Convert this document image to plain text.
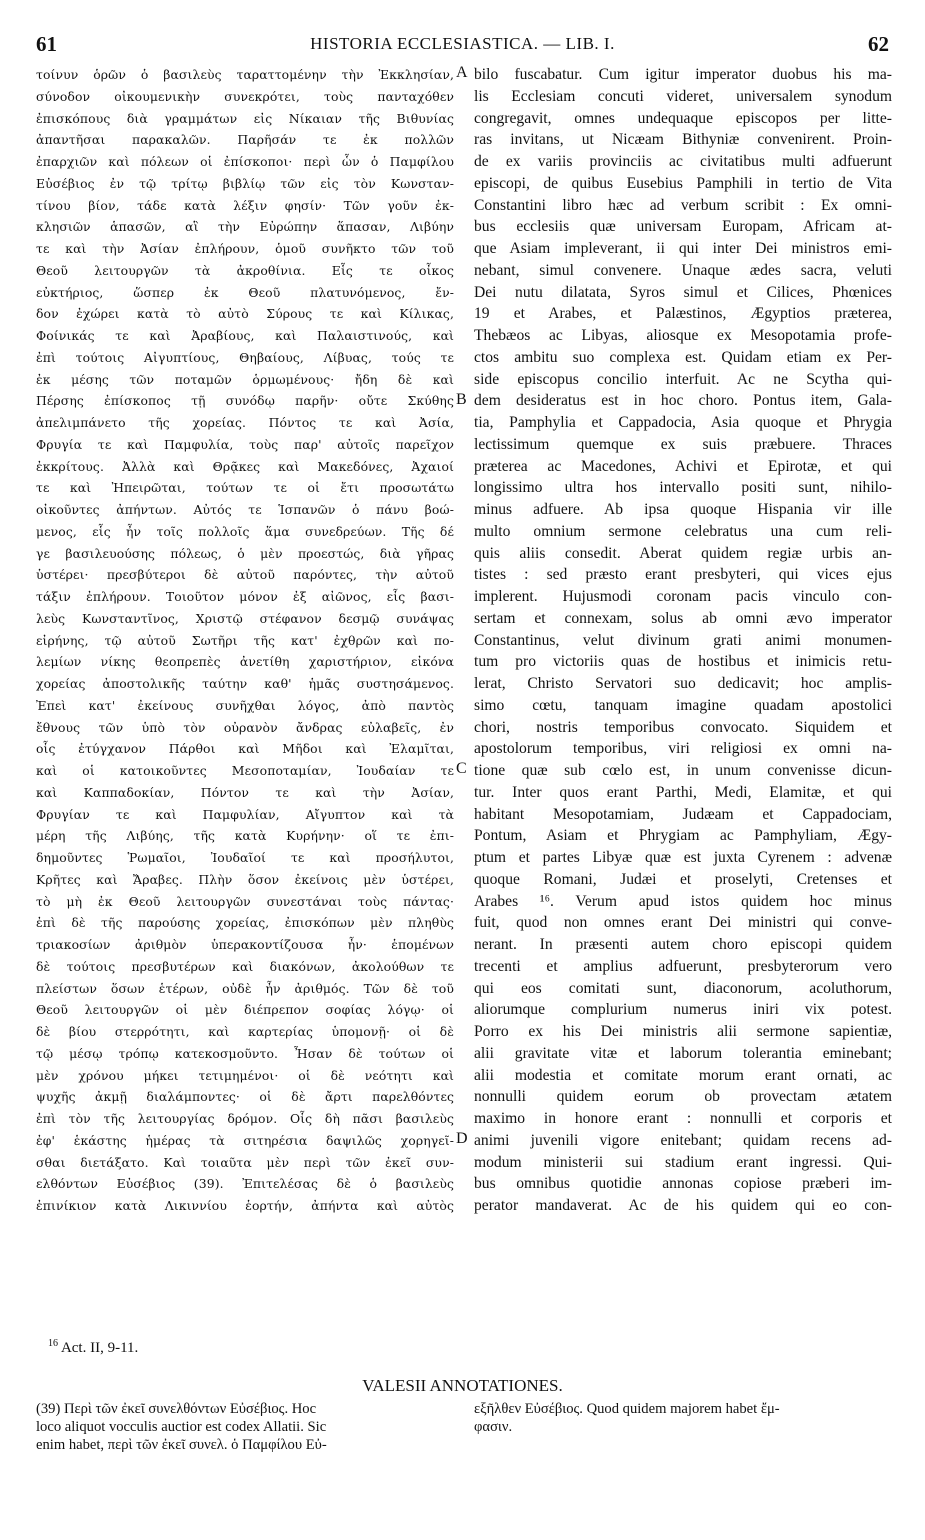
61	HISTORIA ECCLESIASTICA. — LIB. I.	62
τοίνυν ὁρῶν ὁ βασιλεὺς ταραττομένην τὴν Ἐκκλησίαν,
σύνοδον οἰκουμενικὴν συνεκρότει, τοὺς πανταχόθεν
ἐπισκόπους διὰ γραμμάτων εἰς Νίκαιαν τῆς Βιθυνίας
ἀπαντῆσαι παρακαλῶν. Παρῆσάν τε ἐκ πολλῶν
ἐπαρχιῶν καὶ πόλεων οἱ ἐπίσκοποι· περὶ ὧν ὁ Παμφίλου
Εὐσέβιος ἐν τῷ τρίτῳ βιβλίῳ τῶν εἰς τὸν Κωνσταν-
τίνου βίον, τάδε κατὰ λέξιν φησίν· Τῶν γοῦν ἐκ-
κλησιῶν ἁπασῶν, αἳ τὴν Εὐρώπην ἅπασαν, Λιβύην
τε καὶ τὴν Ἀσίαν ἐπλήρουν, ὁμοῦ συνῆκτο τῶν τοῦ
Θεοῦ λειτουργῶν τὰ ἀκροθίνια. Εἷς τε οἶκος
εὐκτήριος, ὥσπερ ἐκ Θεοῦ πλατυνόμενος, ἔν-
δον ἐχώρει κατὰ τὸ αὐτὸ Σύρους τε καὶ Κίλικας,
Φοίνικάς τε καὶ Ἀραβίους, καὶ Παλαιστινούς, καὶ
ἐπὶ τούτοις Αἰγυπτίους, Θηβαίους, Λίβυας, τούς τε
ἐκ μέσης τῶν ποταμῶν ὁρμωμένους· ἤδη δὲ καὶ
Πέρσης ἐπίσκοπος τῇ συνόδῳ παρῆν· οὔτε Σκύθης
ἀπελιμπάνετο τῆς χορείας. Πόντος τε καὶ Ἀσία,
Φρυγία τε καὶ Παμφυλία, τοὺς παρ' αὐτοῖς παρεῖχον
ἐκκρίτους. Ἀλλὰ καὶ Θρᾷκες καὶ Μακεδόνες, Ἀχαιοί
τε καὶ Ἠπειρῶται, τούτων τε οἱ ἔτι προσωτάτω
οἰκοῦντες ἀπήντων. Αὐτός τε Ἱσπανῶν ὁ πάνυ βοώ-
μενος, εἷς ἦν τοῖς πολλοῖς ἅμα συνεδρεύων. Τῆς δέ
γε βασιλευούσης πόλεως, ὁ μὲν προεστώς, διὰ γῆρας
ὑστέρει· πρεσβύτεροι δὲ αὐτοῦ παρόντες, τὴν αὐτοῦ
τάξιν ἐπλήρουν. Τοιοῦτον μόνον ἐξ αἰῶνος, εἷς βασι-
λεὺς Κωνσταντῖνος, Χριστῷ στέφανον δεσμῷ συνάψας
εἰρήνης, τῷ αὐτοῦ Σωτῆρι τῆς κατ' ἐχθρῶν καὶ πο-
λεμίων νίκης θεοπρεπὲς ἀνετίθη χαριστήριον, εἰκόνα
χορείας ἀποστολικῆς ταύτην καθ' ἡμᾶς συστησάμενος.
Ἐπεὶ κατ' ἐκείνους συνῆχθαι λόγος, ἀπὸ παντὸς
ἔθνους τῶν ὑπὸ τὸν οὐρανὸν ἄνδρας εὐλαβεῖς, ἐν
οἷς ἐτύγχανον Πάρθοι καὶ Μῆδοι καὶ Ἐλαμῖται,
καὶ οἱ κατοικοῦντες Μεσοποταμίαν, Ἰουδαίαν τε
καὶ Καππαδοκίαν, Πόντον τε καὶ τὴν Ἀσίαν,
Φρυγίαν τε καὶ Παμφυλίαν, Αἴγυπτον καὶ τὰ
μέρη τῆς Λιβύης, τῆς κατὰ Κυρήνην· οἵ τε ἐπι-
δημοῦντες Ῥωμαῖοι, Ἰουδαῖοί τε καὶ προσήλυτοι,
Κρῆτες καὶ Ἄραβες. Πλὴν ὅσον ἐκείνοις μὲν ὑστέρει,
τὸ μὴ ἐκ Θεοῦ λειτουργῶν συνεστάναι τοὺς πάντας·
ἐπὶ δὲ τῆς παρούσης χορείας, ἐπισκόπων μὲν πληθὺς
τριακοσίων ἀριθμὸν ὑπερακοντίζουσα ἦν· ἑπομένων
δὲ τούτοις πρεσβυτέρων καὶ διακόνων, ἀκολούθων τε
πλείστων ὅσων ἑτέρων, οὐδὲ ἦν ἀριθμός. Τῶν δὲ τοῦ
Θεοῦ λειτουργῶν οἱ μὲν διέπρεπον σοφίας λόγῳ· οἱ
δὲ βίου στερρότητι, καὶ καρτερίας ὑπομονῇ· οἱ δὲ
τῷ μέσῳ τρόπῳ κατεκοσμοῦντο. Ἦσαν δὲ τούτων οἱ
μὲν χρόνου μήκει τετιμημένοι· οἱ δὲ νεότητι καὶ
ψυχῆς ἀκμῇ διαλάμποντες· οἱ δὲ ἄρτι παρελθόντες
ἐπὶ τὸν τῆς λειτουργίας δρόμον. Οἷς δὴ πᾶσι βασιλεὺς
ἐφ' ἑκάστης ἡμέρας τὰ σιτηρέσια δαψιλῶς χορηγεῖ-
σθαι διετάξατο. Καὶ τοιαῦτα μὲν περὶ τῶν ἐκεῖ συν-
ελθόντων Εὐσέβιος (39). Ἐπιτελέσας δὲ ὁ βασιλεὺς
ἐπινίκιον κατὰ Λικιννίου ἑορτήν, ἀπήντα καὶ αὐτὸς
bilo fuscabatur. Cum igitur imperator duobus his ma-
lis Ecclesiam concuti videret, universalem synodum
congregavit, omnes undequaque episcopos per litte-
ras invitans, ut Nicæam Bithyniæ convenirent. Proin-
de ex variis provinciis ac civitatibus multi adfuerunt
episcopi, de quibus Eusebius Pamphili in tertio de Vita
Constantini libro hæc ad verbum scribit : Ex omni-
bus ecclesiis quæ universam Europam, Africam at-
que Asiam impleverant, ii qui inter Dei ministros emi-
nebant, simul convenere. Unaque ædes sacra, veluti
Dei nutu dilatata, Syros simul et Cilices, Phœnices
19 et Arabes, et Palæstinos, Ægyptios præterea,
Thebæos ac Libyas, aliosque ex Mesopotamia profe-
ctos ambitu suo complexa est. Quidam etiam ex Per-
side episcopus concilio interfuit. Ac ne Scytha qui-
dem desideratus est in hoc choro. Pontus item, Gala-
tia, Pamphylia et Cappadocia, Asia quoque et Phrygia
lectissimum quemque ex suis præbuere. Thraces
præterea ac Macedones, Achivi et Epirotæ, et qui
longissimo ultra hos intervallo positi sunt, nihilo-
minus adfuere. Ab ipsa quoque Hispania vir ille
multo omnium sermone celebratus una cum reli-
quis aliis consedit. Aberat quidem regiæ urbis an-
tistes : sed præsto erant presbyteri, qui vices ejus
implerent. Hujusmodi coronam pacis vinculo con-
sertam et connexam, solus ab omni ævo imperator
Constantinus, velut divinum grati animi monumen-
tum pro victoriis quas de hostibus et inimicis retu-
lerat, Christo Servatori suo dedicavit; hoc amplis-
simo cœtu, tanquam imagine quadam apostolici
chori, nostris temporibus convocato. Siquidem et
apostolorum temporibus, viri religiosi ex omni na-
tione quæ sub cœlo est, in unum convenisse dicun-
tur. Inter quos erant Parthi, Medi, Elamitæ, et qui
habitant Mesopotamiam, Judæam et Cappadociam,
Pontum, Asiam et Phrygiam ac Pamphyliam, Ægy-
ptum et partes Libyæ quæ est juxta Cyrenem : advenæ
quoque Romani, Judæi et proselyti, Cretenses et
Arabes ¹⁶. Verum apud istos quidem hoc minus
fuit, quod non omnes erant Dei ministri qui conve-
nerant. In præsenti autem choro episcopi quidem
trecenti et amplius adfuerunt, presbyterorum vero
qui eos comitati sunt, diaconorum, acoluthorum,
aliorumque complurium numerus iniri vix potest.
Porro ex his Dei ministris alii sermone sapientiæ,
alii gravitate vitæ et laborum tolerantia eminebant;
alii modestia et comitate morum erant ornati, ac
nonnulli quidem eorum ob provectam ætatem
maximo in honore erant : nonnulli et corporis et
animi juvenili vigore enitebant; quidam recens ad-
modum ministerii sui stadium erant ingressi. Qui-
bus omnibus quotidie annonas copiose præberi im-
perator mandaverat. Ac de his quidem qui eo con-
A
B
C
D
$^{16}$ Act. II, 9-11.
VALESII ANNOTATIONES.
(39) Περὶ τῶν ἐκεῖ συνελθόντων Εὐσέβιος. Hoc
loco aliquot vocculis auctior est codex Allatii. Sic
enim habet, περὶ τῶν ἐκεῖ συνελ. ὁ Παμφίλου Εὐ-
εξῆλθεν Εὐσέβιος. Quod quidem majorem habet ἔμ-
φασιν.
